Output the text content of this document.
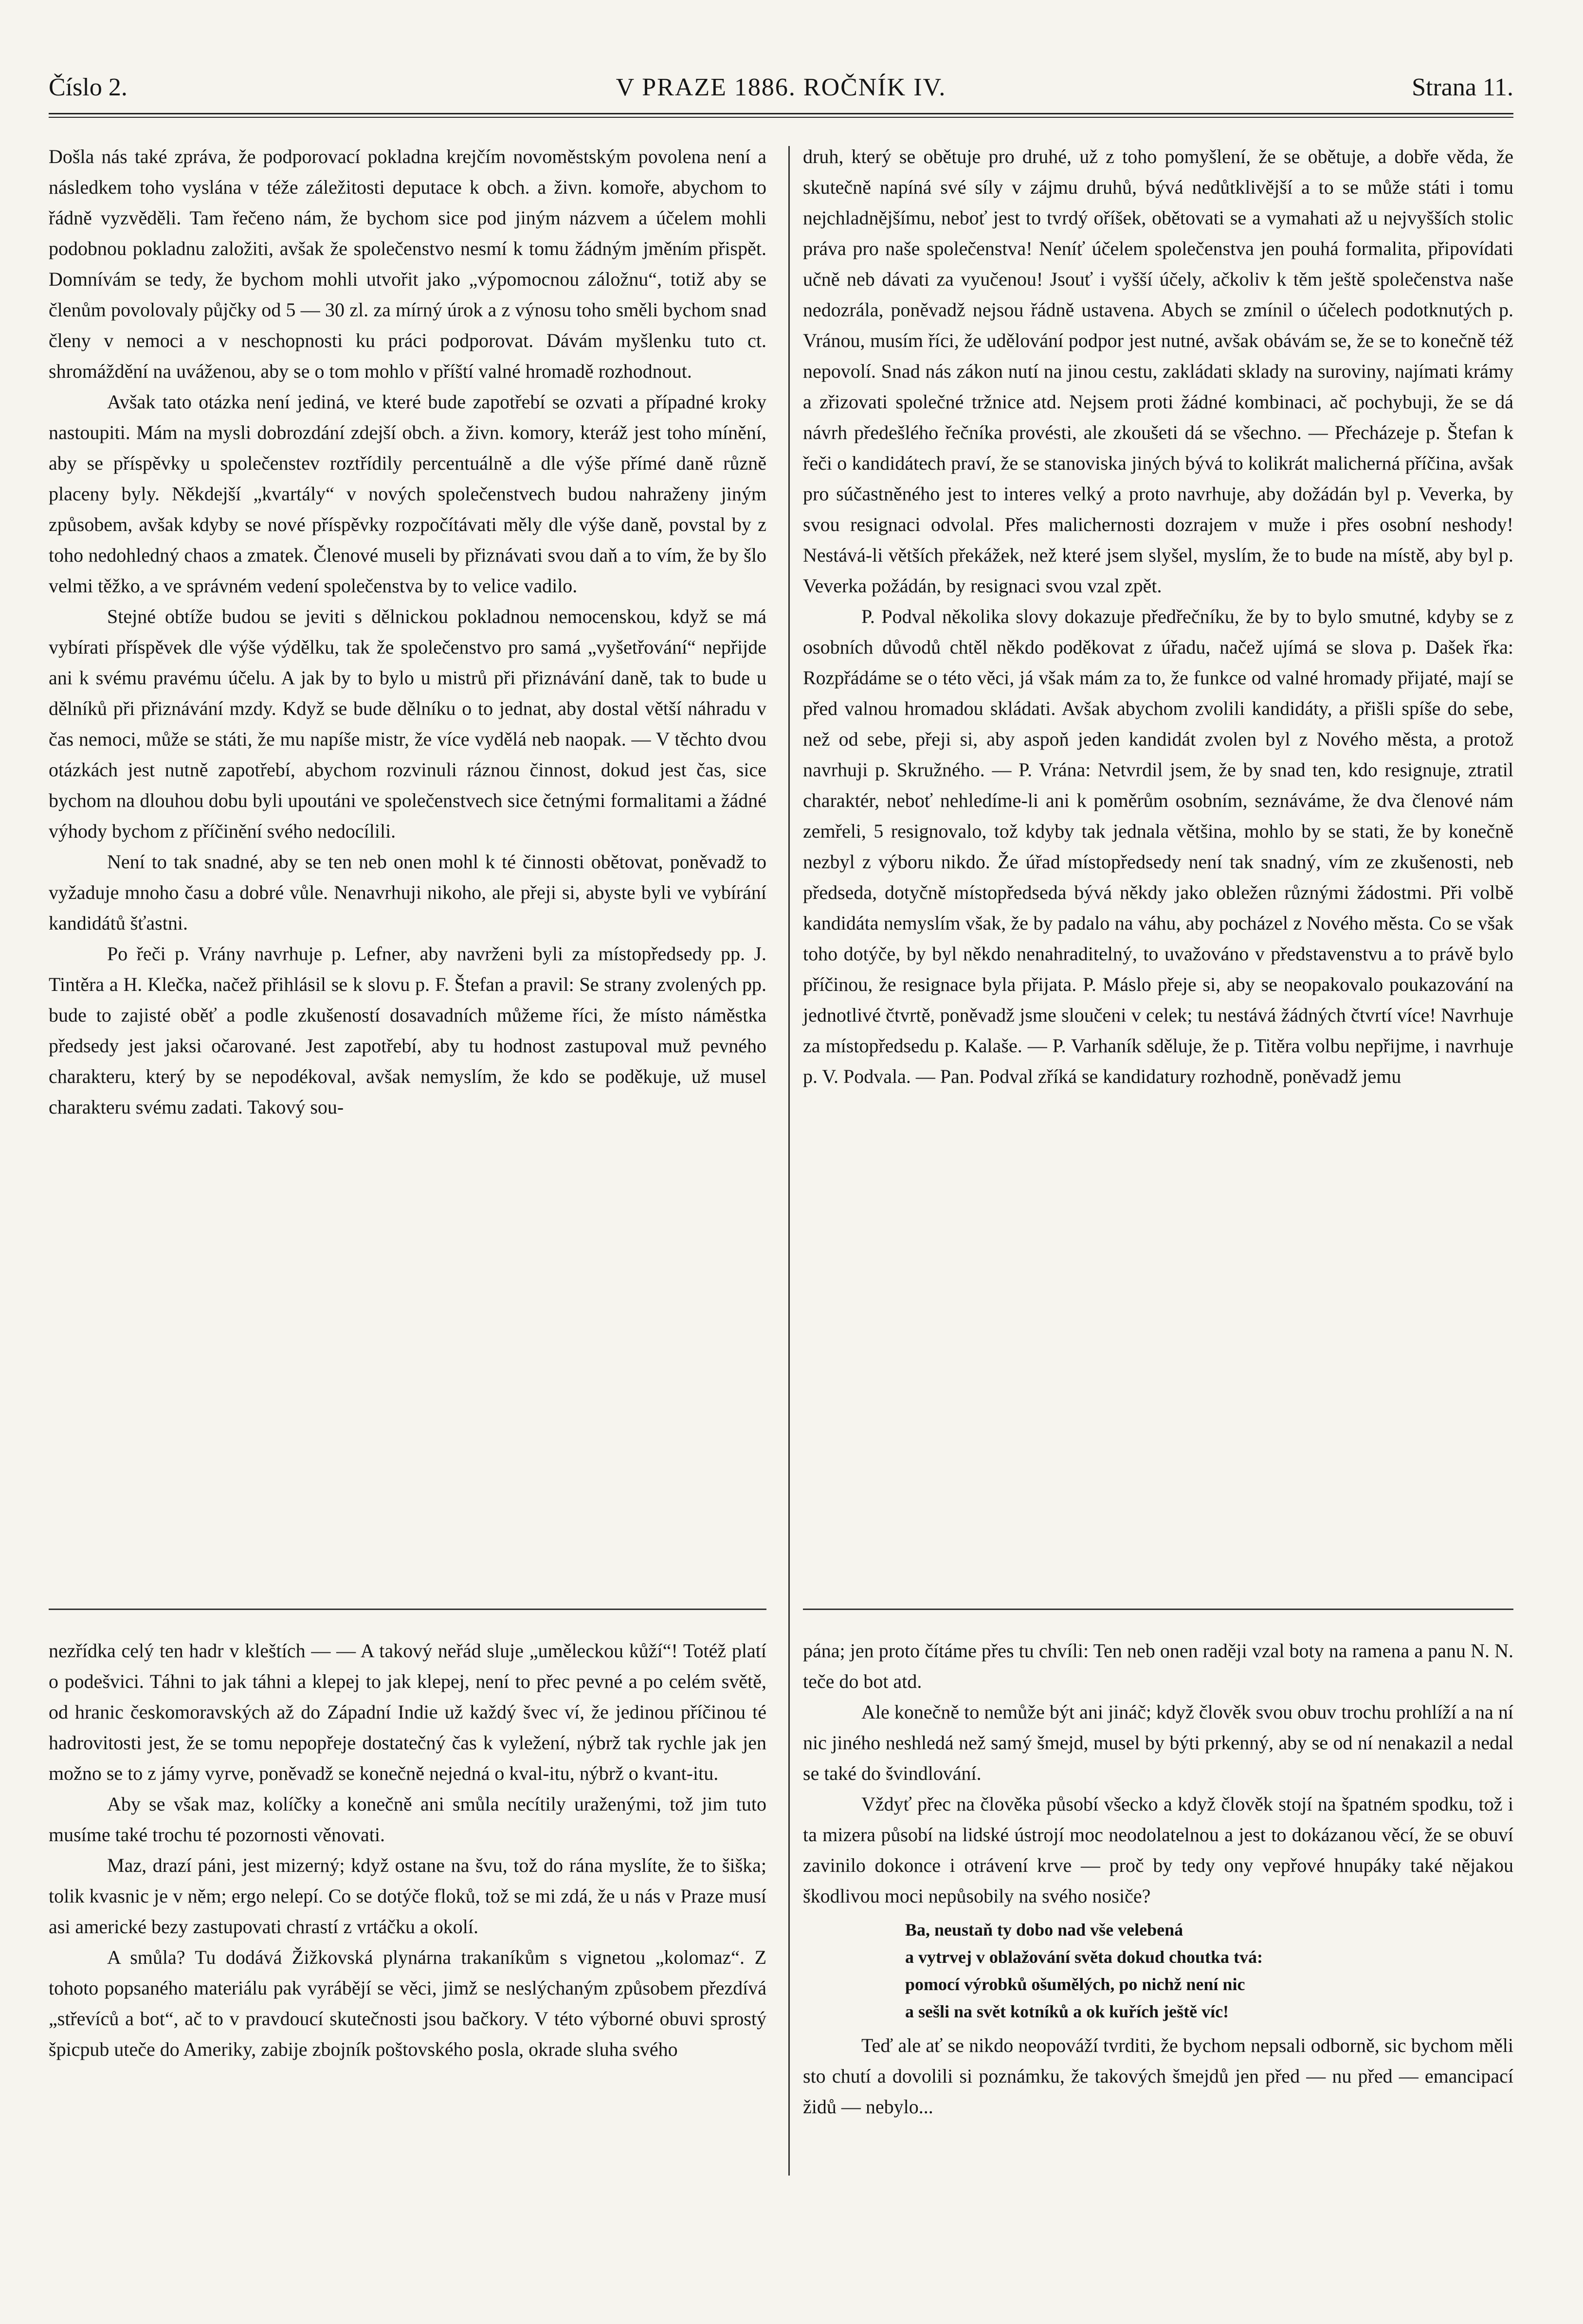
Číslo 2.	V PRAZE 1886. ROČNÍK IV.	Strana 11.

Došla nás také zpráva, že podporovací pokladna krejčím novoměstským povolena není a následkem toho vyslána v téže záležitosti deputace k obch. a živn. komoře, abychom to řádně vyzvěděli. Tam řečeno nám, že bychom sice pod jiným názvem a účelem mohli podobnou pokladnu založiti, avšak že společenstvo nesmí k tomu žádným jměním přispět. Domnívám se tedy, že bychom mohli utvořit jako „výpomocnou záložnu“, totiž aby se členům povolovaly půjčky od 5 — 30 zl. za mírný úrok a z výnosu toho směli bychom snad členy v nemoci a v neschopnosti ku práci podporovat. Dávám myšlenku tuto ct. shromáždění na uváženou, aby se o tom mohlo v příští valné hromadě rozhodnout.

Avšak tato otázka není jediná, ve které bude zapotřebí se ozvati a případné kroky nastoupiti. Mám na mysli dobrozdání zdejší obch. a živn. komory, kteráž jest toho mínění, aby se příspěvky u společenstev roztřídily percentuálně a dle výše přímé daně různě placeny byly. Někdejší „kvartály“ v nových společenstvech budou nahraženy jiným způsobem, avšak kdyby se nové příspěvky rozpočítávati měly dle výše daně, povstal by z toho nedohledný chaos a zmatek. Členové museli by přiznávati svou daň a to vím, že by šlo velmi těžko, a ve správném vedení společenstva by to velice vadilo.

Stejné obtíže budou se jeviti s dělnickou pokladnou nemocenskou, když se má vybírati příspěvek dle výše výdělku, tak že společenstvo pro samá „vyšetřování“ nepřijde ani k svému pravému účelu. A jak by to bylo u mistrů při přiznávání daně, tak to bude u dělníků při přiznávání mzdy. Když se bude dělníku o to jednat, aby dostal větší náhradu v čas nemoci, může se státi, že mu napíše mistr, že více vydělá neb naopak. — V těchto dvou otázkách jest nutně zapotřebí, abychom rozvinuli ráznou činnost, dokud jest čas, sice bychom na dlouhou dobu byli upoutáni ve společenstvech sice četnými formalitami a žádné výhody bychom z příčinění svého nedocílili.

Není to tak snadné, aby se ten neb onen mohl k té činnosti obětovat, poněvadž to vyžaduje mnoho času a dobré vůle. Nenavrhuji nikoho, ale přeji si, abyste byli ve vybírání kandidátů šťastni.

Po řeči p. Vrány navrhuje p. Lefner, aby navrženi byli za místopředsedy pp. J. Tintěra a H. Klečka, načež přihlásil se k slovu p. F. Štefan a pravil: Se strany zvolených pp. bude to zajisté oběť a podle zkušeností dosavadních můžeme říci, že místo náměstka předsedy jest jaksi očarované. Jest zapotřebí, aby tu hodnost zastupoval muž pevného charakteru, který by se nepodékoval, avšak nemyslím, že kdo se poděkuje, už musel charakteru svému zadati. Takový sou-

druh, který se obětuje pro druhé, už z toho pomyšlení, že se obětuje, a dobře věda, že skutečně napíná své síly v zájmu druhů, bývá nedůtklivější a to se může státi i tomu nejchladnějšímu, neboť jest to tvrdý oříšek, obětovati se a vymahati až u nejvyšších stolic práva pro naše společenstva! Neníť účelem společenstva jen pouhá formalita, připovídati učně neb dávati za vyučenou! Jsouť i vyšší účely, ačkoliv k těm ještě společenstva naše nedozrála, poněvadž nejsou řádně ustavena. Abych se zmínil o účelech podotknutých p. Vránou, musím říci, že udělování podpor jest nutné, avšak obávám se, že se to konečně též nepovolí. Snad nás zákon nutí na jinou cestu, zakládati sklady na suroviny, najímati krámy a zřizovati společné tržnice atd. Nejsem proti žádné kombinaci, ač pochybuji, že se dá návrh předešlého řečníka provésti, ale zkoušeti dá se všechno. — Přecházeje p. Štefan k řeči o kandidátech praví, že se stanoviska jiných bývá to kolikrát malicherná příčina, avšak pro súčastněného jest to interes velký a proto navrhuje, aby dožádán byl p. Veverka, by svou resignaci odvolal. Přes malichernosti dozrajem v muže i přes osobní neshody! Nestává-li větších překážek, než které jsem slyšel, myslím, že to bude na místě, aby byl p. Veverka požádán, by resignaci svou vzal zpět.

P. Podval několika slovy dokazuje předřečníku, že by to bylo smutné, kdyby se z osobních důvodů chtěl někdo poděkovat z úřadu, načež ujímá se slova p. Dašek řka: Rozpřádáme se o této věci, já však mám za to, že funkce od valné hromady přijaté, mají se před valnou hromadou skládati. Avšak abychom zvolili kandidáty, a přišli spíše do sebe, než od sebe, přeji si, aby aspoň jeden kandidát zvolen byl z Nového města, a protož navrhuji p. Skružného. — P. Vrána: Netvrdil jsem, že by snad ten, kdo resignuje, ztratil charaktér, neboť nehledíme-li ani k poměrům osobním, seznáváme, že dva členové nám zemřeli, 5 resignovalo, tož kdyby tak jednala většina, mohlo by se stati, že by konečně nezbyl z výboru nikdo. Že úřad místopředsedy není tak snadný, vím ze zkušenosti, neb předseda, dotyčně místopředseda bývá někdy jako obležen různými žádostmi. Při volbě kandidáta nemyslím však, že by padalo na váhu, aby pocházel z Nového města. Co se však toho dotýče, by byl někdo nenahraditelný, to uvažováno v představenstvu a to právě bylo příčinou, že resignace byla přijata. P. Máslo přeje si, aby se neopakovalo poukazování na jednotlivé čtvrtě, poněvadž jsme sloučeni v celek; tu nestává žádných čtvrtí více! Navrhuje za místopředsedu p. Kalaše. — P. Varhaník sděluje, že p. Titěra volbu nepřijme, i navrhuje p. V. Podvala. — Pan. Podval zříká se kandidatury rozhodně, poněvadž jemu

nezřídka celý ten hadr v kleštích — — A takový neřád sluje „uměleckou kůží“! Totéž platí o podešvici. Táhni to jak táhni a klepej to jak klepej, není to přec pevné a po celém světě, od hranic českomoravských až do Západní Indie už každý švec ví, že jedinou příčinou té hadrovitosti jest, že se tomu nepopřeje dostatečný čas k vyležení, nýbrž tak rychle jak jen možno se to z jámy vyrve, poněvadž se konečně nejedná o kval-itu, nýbrž o kvant-itu.

Aby se však maz, kolíčky a konečně ani smůla necítily uraženými, tož jim tuto musíme také trochu té pozornosti věnovati.

Maz, drazí páni, jest mizerný; když ostane na švu, tož do rána myslíte, že to šiška; tolik kvasnic je v něm; ergo nelepí. Co se dotýče floků, tož se mi zdá, že u nás v Praze musí asi americké bezy zastupovati chrastí z vrtáčku a okolí.

A smůla? Tu dodává Žižkovská plynárna trakaníkům s vignetou „kolomaz“. Z tohoto popsaného materiálu pak vyrábějí se věci, jimž se neslýchaným způsobem přezdívá „střevíců a bot“, ač to v pravdoucí skutečnosti jsou bačkory. V této výborné obuvi sprostý špicpub uteče do Ameriky, zabije zbojník poštovského posla, okrade sluha svého

pána; jen proto čítáme přes tu chvíli: Ten neb onen raději vzal boty na ramena a panu N. N. teče do bot atd.

Ale konečně to nemůže být ani jináč; když člověk svou obuv trochu prohlíží a na ní nic jiného neshledá než samý šmejd, musel by býti prkenný, aby se od ní nenakazil a nedal se také do švindlování.

Vždyť přec na člověka působí všecko a když člověk stojí na špatném spodku, tož i ta mizera působí na lidské ústrojí moc neodolatelnou a jest to dokázanou věcí, že se obuví zavinilo dokonce i otrávení krve — proč by tedy ony vepřové hnupáky také nějakou škodlivou moci nepůsobily na svého nosiče?

Ba, neustaň ty dobo nad vše velebená
a vytrvej v oblažování světa dokud choutka tvá:
pomocí výrobků ošumělých, po nichž není nic
a sešli na svět kotníků a ok kuřích ještě víc!

Teď ale ať se nikdo neopováží tvrditi, že bychom nepsali odborně, sic bychom měli sto chutí a dovolili si poznámku, že takových šmejdů jen před — nu před — emancipací židů — nebylo...
